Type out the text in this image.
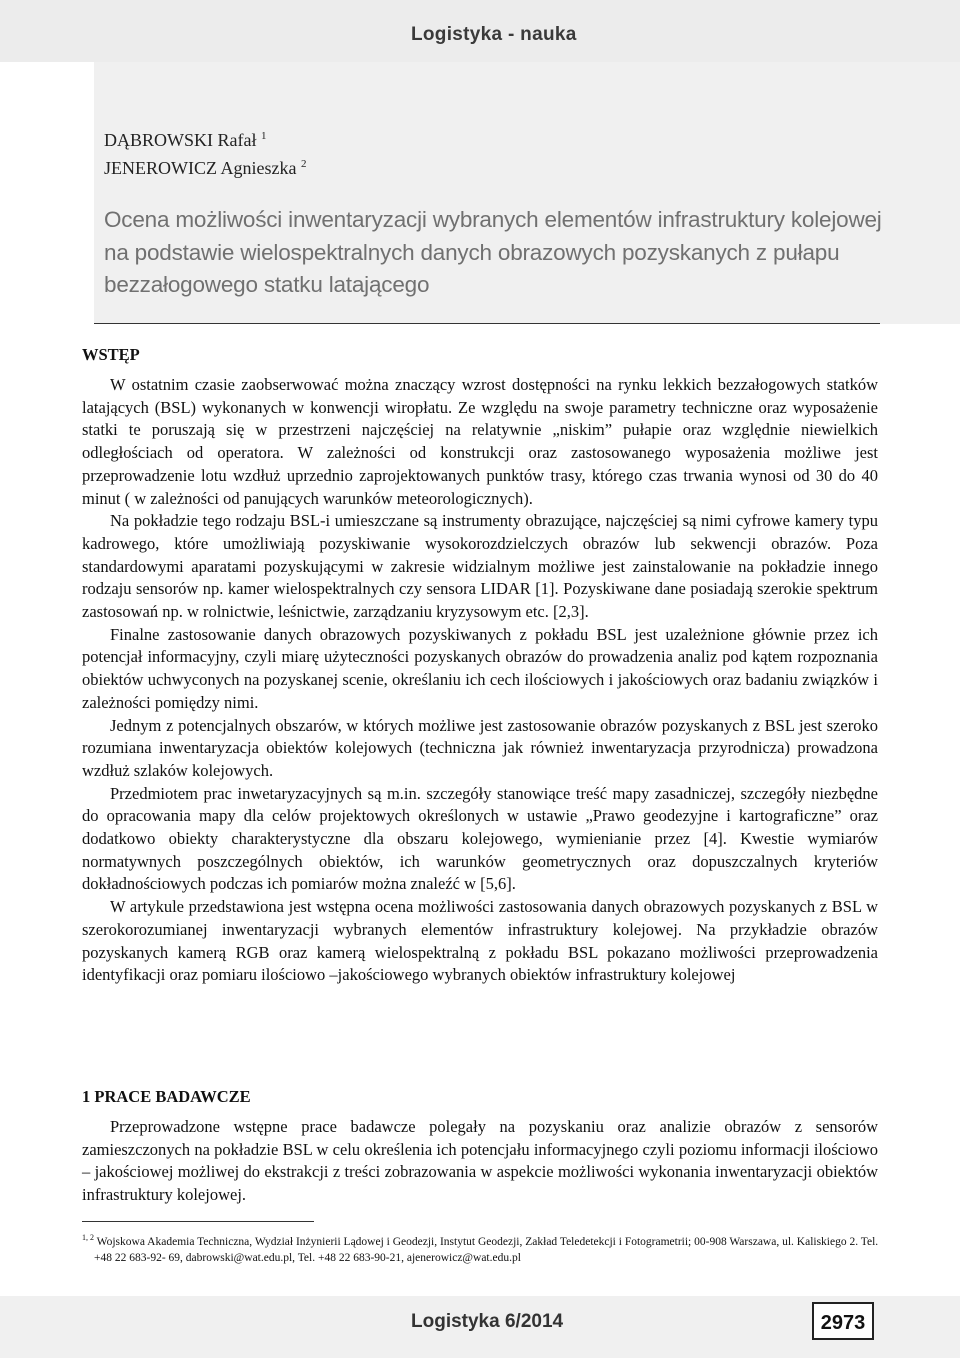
Logistyka - nauka
DĄBROWSKI Rafał $^1$
JENEROWICZ Agnieszka $^2$
Ocena możliwości inwentaryzacji wybranych elementów infrastruktury kolejowej na podstawie wielospektralnych danych obrazowych pozyskanych z pułapu bezzałogowego statku latającego
WSTĘP

W ostatnim czasie zaobserwować można znaczący wzrost dostępności na rynku lekkich bezzałogowych statków latających (BSL) wykonanych w konwencji wiropłatu. Ze względu na swoje parametry techniczne oraz wyposażenie statki te poruszają się w przestrzeni najczęściej na relatywnie „niskim” pułapie oraz względnie niewielkich odległościach od operatora. W zależności od konstrukcji oraz zastosowanego wyposażenia możliwe jest przeprowadzenie lotu wzdłuż uprzednio zaprojektowanych punktów trasy, którego czas trwania wynosi od 30 do 40 minut ( w zależności od panujących warunków meteorologicznych).

Na pokładzie tego rodzaju BSL-i umieszczane są instrumenty obrazujące, najczęściej są nimi cyfrowe kamery typu kadrowego, które umożliwiają pozyskiwanie wysokorozdzielczych obrazów lub sekwencji obrazów. Poza standardowymi aparatami pozyskującymi w zakresie widzialnym możliwe jest zainstalowanie na pokładzie innego rodzaju sensorów np. kamer wielospektralnych czy sensora LIDAR [1]. Pozyskiwane dane posiadają szerokie spektrum zastosowań np. w rolnictwie, leśnictwie, zarządzaniu kryzysowym etc. [2,3].

Finalne zastosowanie danych obrazowych pozyskiwanych z pokładu BSL jest uzależnione głównie przez ich potencjał informacyjny, czyli miarę użyteczności pozyskanych obrazów do prowadzenia analiz pod kątem rozpoznania obiektów uchwyconych na pozyskanej scenie, określaniu ich cech ilościowych i jakościowych oraz badaniu związków i zależności pomiędzy nimi.

Jednym z potencjalnych obszarów, w których możliwe jest zastosowanie obrazów pozyskanych z BSL jest szeroko rozumiana inwentaryzacja obiektów kolejowych (techniczna jak również inwentaryzacja przyrodnicza) prowadzona wzdłuż szlaków kolejowych.

Przedmiotem prac inwetaryzacyjnych są m.in. szczegóły stanowiące treść mapy zasadniczej, szczegóły niezbędne do opracowania mapy dla celów projektowych określonych w ustawie „Prawo geodezyjne i kartograficzne” oraz dodatkowo obiekty charakterystyczne dla obszaru kolejowego, wymienianie przez [4]. Kwestie wymiarów normatywnych poszczególnych obiektów, ich warunków geometrycznych oraz dopuszczalnych kryteriów dokładnościowych podczas ich pomiarów można znaleźć w [5,6].

W artykule przedstawiona jest wstępna ocena możliwości zastosowania danych obrazowych pozyskanych z BSL w szerokorozumianej inwentaryzacji wybranych elementów infrastruktury kolejowej. Na przykładzie obrazów pozyskanych kamerą RGB oraz kamerą wielospektralną z pokładu BSL pokazano możliwości przeprowadzenia identyfikacji oraz pomiaru ilościowo –jakościowego wybranych obiektów infrastruktury kolejowej

1 PRACE BADAWCZE

Przeprowadzone wstępne prace badawcze polegały na pozyskaniu oraz analizie obrazów z sensorów zamieszczonych na pokładzie BSL w celu określenia ich potencjału informacyjnego czyli poziomu informacji ilościowo – jakościowej możliwej do ekstrakcji z treści zobrazowania w aspekcie możliwości wykonania inwentaryzacji obiektów infrastruktury kolejowej.

$^{1, 2}$ Wojskowa Akademia Techniczna, Wydział Inżynierii Lądowej i Geodezji, Instytut Geodezji, Zakład Teledetekcji i Fotogrametrii; 00-908 Warszawa, ul. Kaliskiego 2. Tel. +48 22 683-92- 69, dabrowski@wat.edu.pl, Tel. +48 22 683-90-21, ajenerowicz@wat.edu.pl

Logistyka 6/2014	2973
